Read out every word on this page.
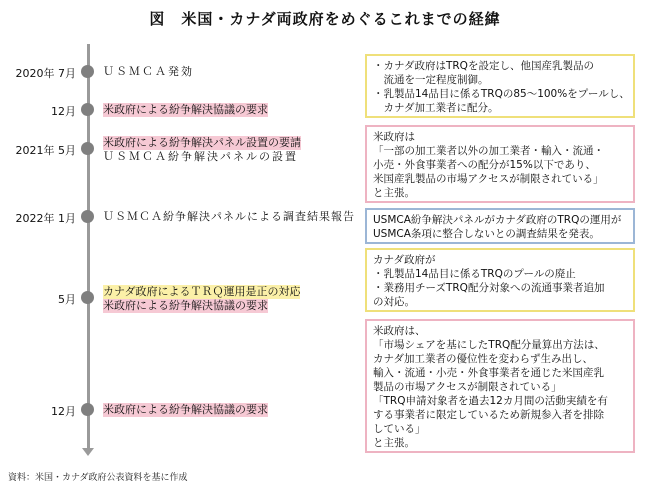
図　米国・カナダ両政府をめぐるこれまでの経緯
2020年 7月 ＵＳＭＣＡ発効
12月 米政府による紛争解決協議の要求
2021年 5月
米政府による紛争解決パネル設置の要請
ＵＳＭＣＡ紛争解決パネルの設置
2022年 1月 ＵＳＭＣＡ紛争解決パネルによる調査結果報告
5月
カナダ政府によるＴＲＱ運用是正の対応
米政府による紛争解決協議の要求
12月 米政府による紛争解決協議の要求
・カナダ政府はTRQを設定し、他国産乳製品の
　流通を一定程度制御。
・乳製品14品目に係るTRQの85～100%をプールし、
　カナダ加工業者に配分。
米政府は
「一部の加工業者以外の加工業者・輸入・流通・
小売・外食事業者への配分が15%以下であり、
米国産乳製品の市場アクセスが制限されている」
と主張。
USMCA紛争解決パネルがカナダ政府のTRQの運用が
USMCA条項に整合しないとの調査結果を発表。
カナダ政府が
・乳製品14品目に係るTRQのプールの廃止
・業務用チーズTRQ配分対象への流通事業者追加
の対応。
米政府は、
「市場シェアを基にしたTRQ配分量算出方法は、
カナダ加工業者の優位性を変わらず生み出し、
輸入・流通・小売・外食事業者を通じた米国産乳
製品の市場アクセスが制限されている」
「TRQ申請対象者を過去12カ月間の活動実績を有
する事業者に限定しているため新規参入者を排除
している」
と主張。
資料：米国・カナダ政府公表資料を基に作成
